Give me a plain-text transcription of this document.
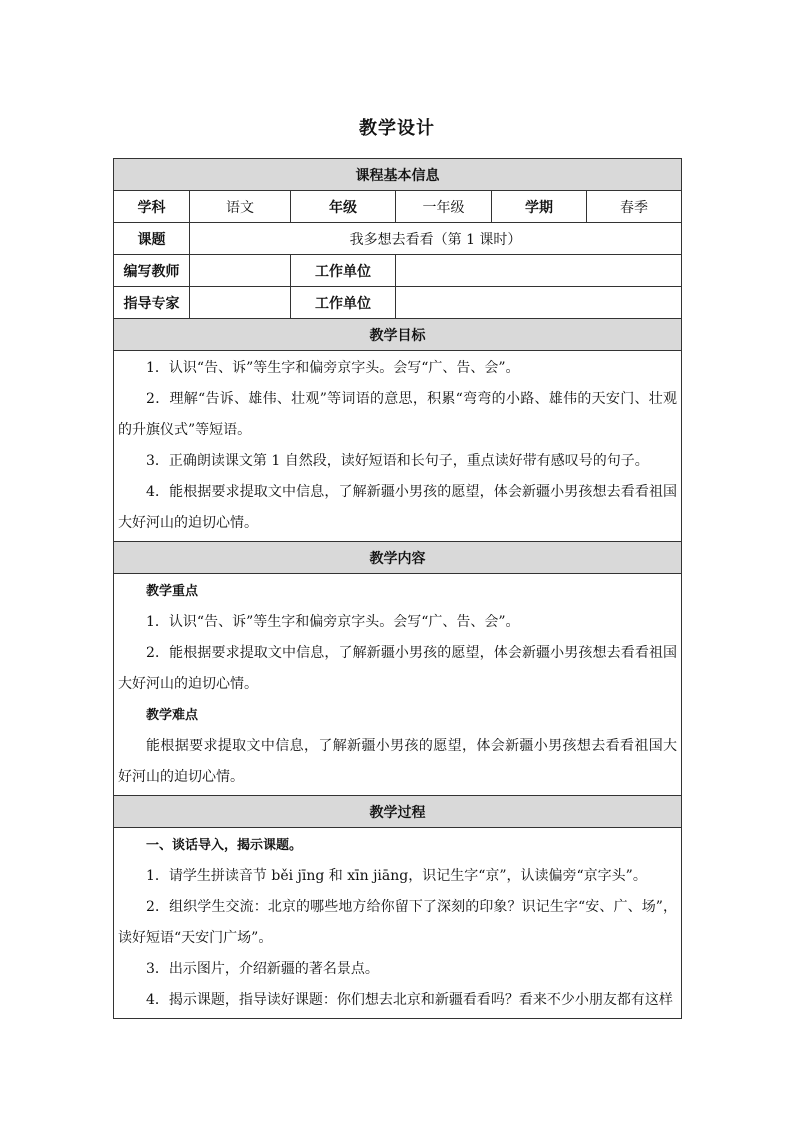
教学设计
课程基本信息					
学科	语文	年级	一年级	学期	春季
课题	我多想去看看（第 1 课时）				
编写教师		工作单位			
指导专家		工作单位			
教学目标					

1．认识“告、诉”等生字和偏旁京字头。会写“广、告、会”。

2．理解“告诉、雄伟、壮观”等词语的意思，积累“弯弯的小路、雄伟的天安门、壮观的升旗仪式”等短语。

3．正确朗读课文第 1 自然段，读好短语和长句子，重点读好带有感叹号的句子。

4．能根据要求提取文中信息，了解新疆小男孩的愿望，体会新疆小男孩想去看看祖国大好河山的迫切心情。					

教学内容					

教学重点

1．认识“告、诉”等生字和偏旁京字头。会写“广、告、会”。

2．能根据要求提取文中信息，了解新疆小男孩的愿望，体会新疆小男孩想去看看祖国大好河山的迫切心情。

教学难点

能根据要求提取文中信息，了解新疆小男孩的愿望，体会新疆小男孩想去看看祖国大好河山的迫切心情。					

教学过程					

一、谈话导入，揭示课题。

1．请学生拼读音节 běi jīng 和 xīn jiāng，识记生字“京”，认读偏旁“京字头”。

2．组织学生交流：北京的哪些地方给你留下了深刻的印象？识记生字“安、广、场”，读好短语“天安门广场”。

3．出示图片，介绍新疆的著名景点。

4．揭示课题，指导读好课题：你们想去北京和新疆看看吗？看来不少小朋友都有这样					
